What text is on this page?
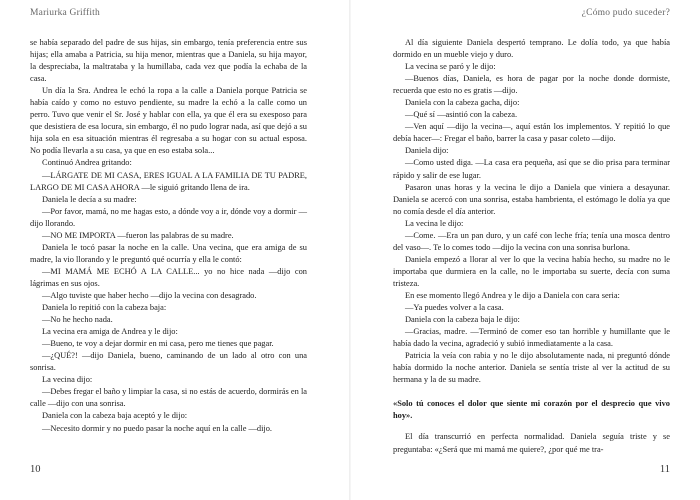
Mariurka Griffith

se había separado del padre de sus hijas, sin embargo, tenía preferencia entre sus hijas; ella amaba a Patricia, su hija menor, mientras que a Daniela, su hija mayor, la despreciaba, la maltrataba y la humillaba, cada vez que podía la echaba de la casa.

Un día la Sra. Andrea le echó la ropa a la calle a Daniela porque Patricia se había caído y como no estuvo pendiente, su madre la echó a la calle como un perro. Tuvo que venir el Sr. José y hablar con ella, ya que él era su exesposo para que desistiera de esa locura, sin embargo, él no pudo lograr nada, así que dejó a su hija sola en esa situación mientras él regresaba a su hogar con su actual esposa. No podía llevarla a su casa, ya que en eso estaba sola...

Continuó Andrea gritando:

—LÁRGATE DE MI CASA, ERES IGUAL A LA FAMILIA DE TU PADRE, LARGO DE MI CASA AHORA —le siguió gritando llena de ira.

Daniela le decía a su madre:

—Por favor, mamá, no me hagas esto, a dónde voy a ir, dónde voy a dormir —dijo llorando.

—NO ME IMPORTA —fueron las palabras de su madre.

Daniela le tocó pasar la noche en la calle. Una vecina, que era amiga de su madre, la vio llorando y le preguntó qué ocurría y ella le contó:

—MI MAMÁ ME ECHÓ A LA CALLE... yo no hice nada —dijo con lágrimas en sus ojos.

—Algo tuviste que haber hecho —dijo la vecina con desagrado.

Daniela lo repitió con la cabeza baja:

—No he hecho nada.

La vecina era amiga de Andrea y le dijo:

—Bueno, te voy a dejar dormir en mi casa, pero me tienes que pagar.

—¿QUÉ?! —dijo Daniela, bueno, caminando de un lado al otro con una sonrisa.

La vecina dijo:

—Debes fregar el baño y limpiar la casa, si no estás de acuerdo, dormirás en la calle —dijo con una sonrisa.

Daniela con la cabeza baja aceptó y le dijo:

—Necesito dormir y no puedo pasar la noche aquí en la calle —dijo.

10
¿Cómo pudo suceder?

Al día siguiente Daniela despertó temprano. Le dolía todo, ya que había dormido en un mueble viejo y duro.

La vecina se paró y le dijo:

—Buenos días, Daniela, es hora de pagar por la noche donde dormiste, recuerda que esto no es gratis —dijo.

Daniela con la cabeza gacha, dijo:

—Qué sí —asintió con la cabeza.

—Ven aquí —dijo la vecina—, aquí están los implementos. Y repitió lo que debía hacer—: Fregar el baño, barrer la casa y pasar coleto —dijo.

Daniela dijo:

—Como usted diga. —La casa era pequeña, así que se dio prisa para terminar rápido y salir de ese lugar.

Pasaron unas horas y la vecina le dijo a Daniela que viniera a desayunar. Daniela se acercó con una sonrisa, estaba hambrienta, el estómago le dolía ya que no comía desde el día anterior.

La vecina le dijo:

—Come. —Era un pan duro, y un café con leche fría; tenía una mosca dentro del vaso—. Te lo comes todo —dijo la vecina con una sonrisa burlona.

Daniela empezó a llorar al ver lo que la vecina había hecho, su madre no le importaba que durmiera en la calle, no le importaba su suerte, decía con suma tristeza.

En ese momento llegó Andrea y le dijo a Daniela con cara seria:

—Ya puedes volver a la casa.

Daniela con la cabeza baja le dijo:

—Gracias, madre. —Terminó de comer eso tan horrible y humillante que le había dado la vecina, agradeció y subió inmediatamente a la casa.

Patricia la veía con rabia y no le dijo absolutamente nada, ni preguntó dónde había dormido la noche anterior. Daniela se sentía triste al ver la actitud de su hermana y la de su madre.

«Solo tú conoces el dolor que siente mi corazón por el desprecio que vivo hoy».

El día transcurrió en perfecta normalidad. Daniela seguía triste y se preguntaba: «¿Será que mi mamá me quiere?, ¿por qué me tra-

11
